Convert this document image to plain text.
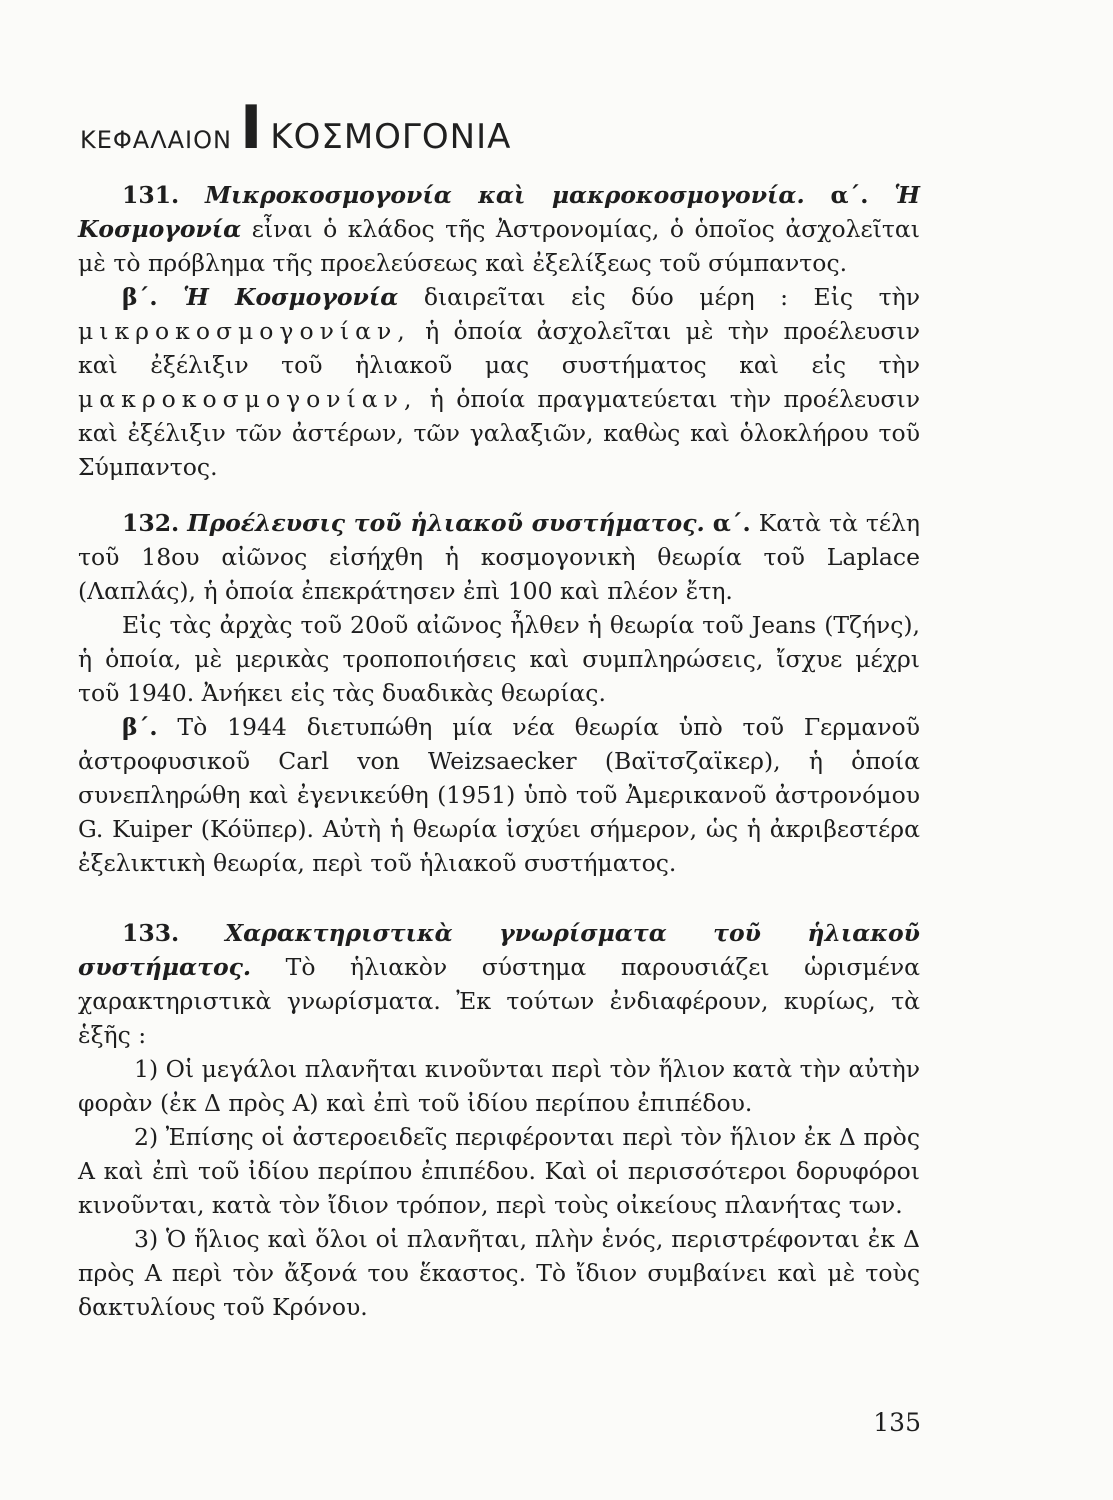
ΚΕΦΑΛΑΙΟΝ I ΚΟΣΜΟΓΟΝΙΑ

131. Μικροκοσμογονία καὶ μακροκοσμογονία. α΄. Ἡ Κοσμογονία εἶναι ὁ κλάδος τῆς Ἀστρονομίας, ὁ ὁποῖος ἀσχολεῖται μὲ τὸ πρόβλημα τῆς προελεύσεως καὶ ἐξελίξεως τοῦ σύμπαντος.

β΄. Ἡ Κοσμογονία διαιρεῖται εἰς δύο μέρη : Εἰς τὴν μικροκοσμογονίαν, ἡ ὁποία ἀσχολεῖται μὲ τὴν προέλευσιν καὶ ἐξέλιξιν τοῦ ἡλιακοῦ μας συστήματος καὶ εἰς τὴν μακροκοσμογονίαν, ἡ ὁποία πραγματεύεται τὴν προέλευσιν καὶ ἐξέλιξιν τῶν ἀστέρων, τῶν γαλαξιῶν, καθὼς καὶ ὁλοκλήρου τοῦ Σύμπαντος.

132. Προέλευσις τοῦ ἡλιακοῦ συστήματος. α΄. Κατὰ τὰ τέλη τοῦ 18ου αἰῶνος εἰσήχθη ἡ κοσμογονικὴ θεωρία τοῦ Laplace (Λαπλάς), ἡ ὁποία ἐπεκράτησεν ἐπὶ 100 καὶ πλέον ἔτη.

Εἰς τὰς ἀρχὰς τοῦ 20οῦ αἰῶνος ἦλθεν ἡ θεωρία τοῦ Jeans (Τζήνς), ἡ ὁποία, μὲ μερικὰς τροποποιήσεις καὶ συμπληρώσεις, ἴσχυε μέχρι τοῦ 1940. Ἀνήκει εἰς τὰς δυαδικὰς θεωρίας.

β΄. Τὸ 1944 διετυπώθη μία νέα θεωρία ὑπὸ τοῦ Γερμανοῦ ἀστροφυσικοῦ Carl von Weizsaecker (Βαϊτσζαϊκερ), ἡ ὁποία συνεπληρώθη καὶ ἐγενικεύθη (1951) ὑπὸ τοῦ Ἀμερικανοῦ ἀστρονόμου G. Kuiper (Κόϋπερ). Αὐτὴ ἡ θεωρία ἰσχύει σήμερον, ὡς ἡ ἀκριβεστέρα ἐξελικτικὴ θεωρία, περὶ τοῦ ἡλιακοῦ συστήματος.

133. Χαρακτηριστικὰ γνωρίσματα τοῦ ἡλιακοῦ συστήματος. Τὸ ἡλιακὸν σύστημα παρουσιάζει ὡρισμένα χαρακτηριστικὰ γνωρίσματα. Ἐκ τούτων ἐνδιαφέρουν, κυρίως, τὰ ἑξῆς :

1) Οἱ μεγάλοι πλανῆται κινοῦνται περὶ τὸν ἥλιον κατὰ τὴν αὐτὴν φορὰν (ἐκ Δ πρὸς Α) καὶ ἐπὶ τοῦ ἰδίου περίπου ἐπιπέδου.

2) Ἐπίσης οἱ ἀστεροειδεῖς περιφέρονται περὶ τὸν ἥλιον ἐκ Δ πρὸς Α καὶ ἐπὶ τοῦ ἰδίου περίπου ἐπιπέδου. Καὶ οἱ περισσότεροι δορυφόροι κινοῦνται, κατὰ τὸν ἴδιον τρόπον, περὶ τοὺς οἰκείους πλανήτας των.

3) Ὁ ἥλιος καὶ ὅλοι οἱ πλανῆται, πλὴν ἑνός, περιστρέφονται ἐκ Δ πρὸς Α περὶ τὸν ἄξονά του ἕκαστος. Τὸ ἴδιον συμβαίνει καὶ μὲ τοὺς δακτυλίους τοῦ Κρόνου.

135
